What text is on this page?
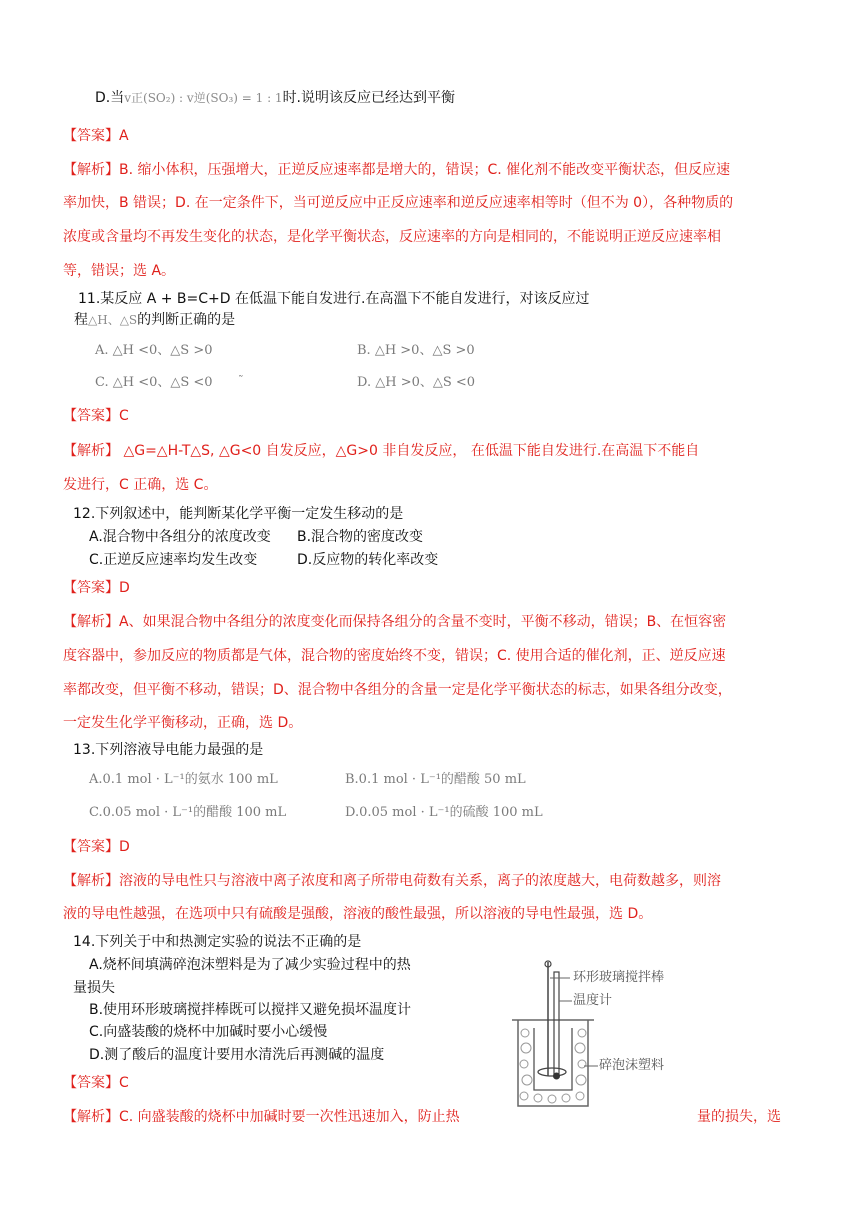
D.当v正(SO₂) : v逆(SO₃) = 1 : 1时.说明该反应已经达到平衡
【答案】A
【解析】B. 缩小体积，压强增大，正逆反应速率都是增大的，错误；C. 催化剂不能改变平衡状态，但反应速
率加快，B 错误；D. 在一定条件下，当可逆反应中正反应速率和逆反应速率相等时（但不为 0），各种物质的
浓度或含量均不再发生变化的状态，是化学平衡状态，反应速率的方向是相同的，不能说明正逆反应速率相
等，错误；选 A。
11.某反应 A + B=C+D 在低温下能自发进行.在高溫下不能自发进行，对该反应过
程△H、△S的判断正确的是
A. △H <0、△S >0	B. △H >0、△S >0
C. △H <0、△S <0 ˜	D. △H >0、△S <0
【答案】C
【解析】 △G=△H-T△S, △G<0 自发反应，△G>0 非自发反应， 在低温下能自发进行.在高温下不能自
发进行，C 正确，选 C。
12.下列叙述中，能判断某化学平衡一定发生移动的是
A.混合物中各组分的浓度改变 B.混合物的密度改变
C.正逆反应速率均发生改变	D.反应物的转化率改变
【答案】D
【解析】A、如果混合物中各组分的浓度变化而保持各组分的含量不变时，平衡不移动，错误；B、在恒容密
度容器中，参加反应的物质都是气体，混合物的密度始终不变，错误；C. 使用合适的催化剂，正、逆反应速
率都改变，但平衡不移动，错误；D、混合物中各组分的含量一定是化学平衡状态的标志，如果各组分改变，
一定发生化学平衡移动，正确，选 D。
13.下列溶液导电能力最强的是
A.0.1 mol · L⁻¹的氨水 100 mL	B.0.1 mol · L⁻¹的醋酸 50 mL
C.0.05 mol · L⁻¹的醋酸 100 mL	D.0.05 mol · L⁻¹的硫酸 100 mL
【答案】D
【解析】溶液的导电性只与溶液中离子浓度和离子所带电荷数有关系，离子的浓度越大，电荷数越多，则溶
液的导电性越强，在选项中只有硫酸是强酸，溶液的酸性最强，所以溶液的导电性最强，选 D。
14.下列关于中和热测定实验的说法不正确的是
A.烧杯间填满碎泡沫塑料是为了减少实验过程中的热
量损失
B.使用环形玻璃搅拌棒既可以搅拌又避免损坏温度计
C.向盛装酸的烧杯中加碱时要小心缓慢
D.测了酸后的温度计要用水清洗后再测碱的温度
环形玻璃搅拌棒
温度计
碎泡沫塑料
【答案】C
【解析】C. 向盛装酸的烧杯中加碱时要一次性迅速加入，防止热	量的损失，选
